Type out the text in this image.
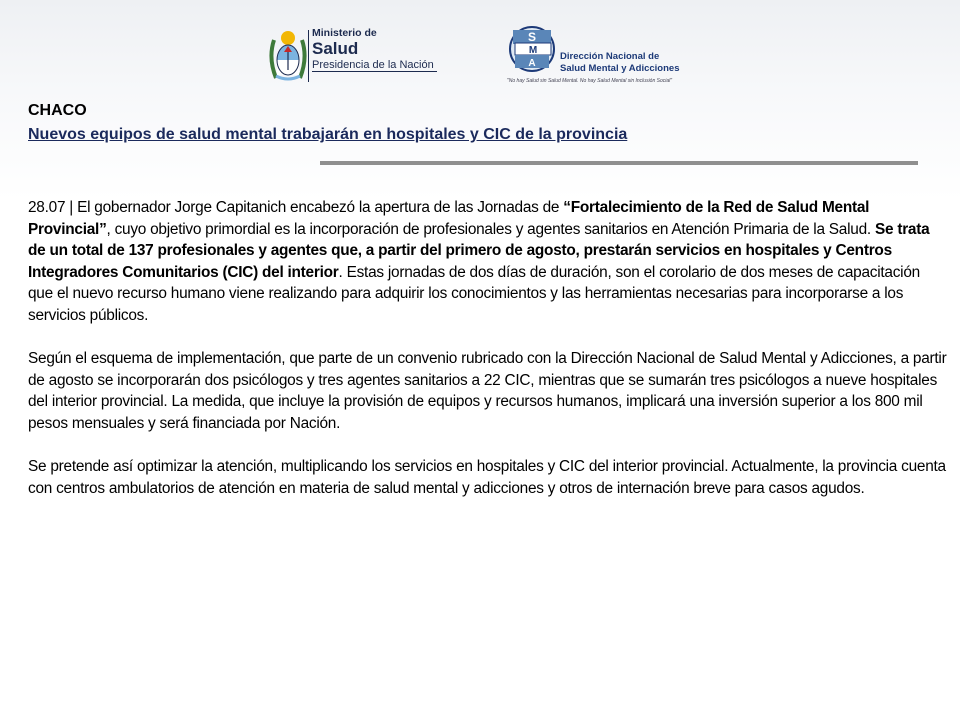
Ministerio de
Salud
Presidencia de la Nación
S
M
A
Dirección Nacional de
Salud Mental y Adicciones
"No hay Salud sin Salud Mental. No hay Salud Mental sin Inclusión Social"
CHACO
Nuevos equipos de salud mental trabajarán en hospitales y CIC de la provincia

28.07 | El gobernador Jorge Capitanich encabezó la apertura de las Jornadas de “Fortalecimiento de la Red de Salud Mental Provincial”, cuyo objetivo primordial es la incorporación de profesionales y agentes sanitarios en Atención Primaria de la Salud. Se trata de un total de 137 profesionales y agentes que, a partir del primero de agosto, prestarán servicios en hospitales y Centros Integradores Comunitarios (CIC) del interior. Estas jornadas de dos días de duración, son el corolario de dos meses de capacitación que el nuevo recurso humano viene realizando para adquirir los conocimientos y las herramientas necesarias para incorporarse a los servicios públicos.

Según el esquema de implementación, que parte de un convenio rubricado con la Dirección Nacional de Salud Mental y Adicciones, a partir de agosto se incorporarán dos psicólogos y tres agentes sanitarios a 22 CIC, mientras que se sumarán tres psicólogos a nueve hospitales del interior provincial. La medida, que incluye la provisión de equipos y recursos humanos, implicará una inversión superior a los 800 mil pesos mensuales y será financiada por Nación.

Se pretende así optimizar la atención, multiplicando los servicios en hospitales y CIC del interior provincial. Actualmente, la provincia cuenta con centros ambulatorios de atención en materia de salud mental y adicciones y otros de internación breve para casos agudos.
